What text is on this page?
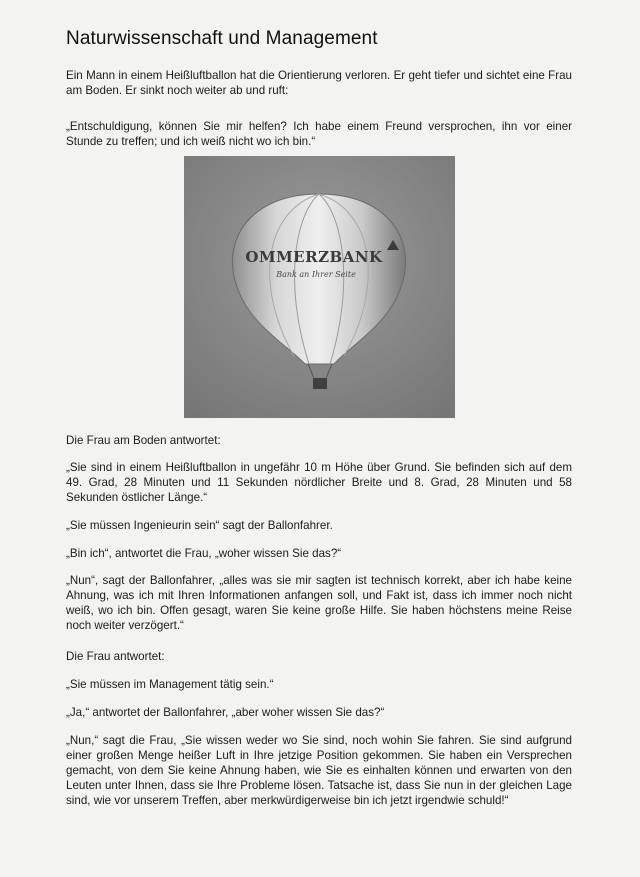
Naturwissenschaft und Management

Ein Mann in einem Heißluftballon hat die Orientierung verloren. Er geht tiefer und sichtet eine Frau am Boden. Er sinkt noch weiter ab und ruft:

„Entschuldigung, können Sie mir helfen? Ich habe einem Freund versprochen, ihn vor einer Stunde zu treffen; und ich weiß nicht wo ich bin.“

OMMERZBANK
Bank an Ihrer Seite

Die Frau am Boden antwortet:

„Sie sind in einem Heißluftballon in ungefähr 10 m Höhe über Grund. Sie befinden sich auf dem 49. Grad, 28 Minuten und 11 Sekunden nördlicher Breite und 8. Grad, 28 Minuten und 58 Sekunden östlicher Länge.“

„Sie müssen Ingenieurin sein“ sagt der Ballonfahrer.

„Bin ich“, antwortet die Frau, „woher wissen Sie das?“

„Nun“, sagt der Ballonfahrer, „alles was sie mir sagten ist technisch korrekt, aber ich habe keine Ahnung, was ich mit Ihren Informationen anfangen soll, und Fakt ist, dass ich immer noch nicht weiß, wo ich bin. Offen gesagt, waren Sie keine große Hilfe. Sie haben höchstens meine Reise noch weiter verzögert.“

Die Frau antwortet:

„Sie müssen im Management tätig sein.“

„Ja,“ antwortet der Ballonfahrer, „aber woher wissen Sie das?“

„Nun,“ sagt die Frau, „Sie wissen weder wo Sie sind, noch wohin Sie fahren. Sie sind aufgrund einer großen Menge heißer Luft in Ihre jetzige Position gekommen. Sie haben ein Versprechen gemacht, von dem Sie keine Ahnung haben, wie Sie es einhalten können und erwarten von den Leuten unter Ihnen, dass sie Ihre Probleme lösen. Tatsache ist, dass Sie nun in der gleichen Lage sind, wie vor unserem Treffen, aber merkwürdigerweise bin ich jetzt irgendwie schuld!“
